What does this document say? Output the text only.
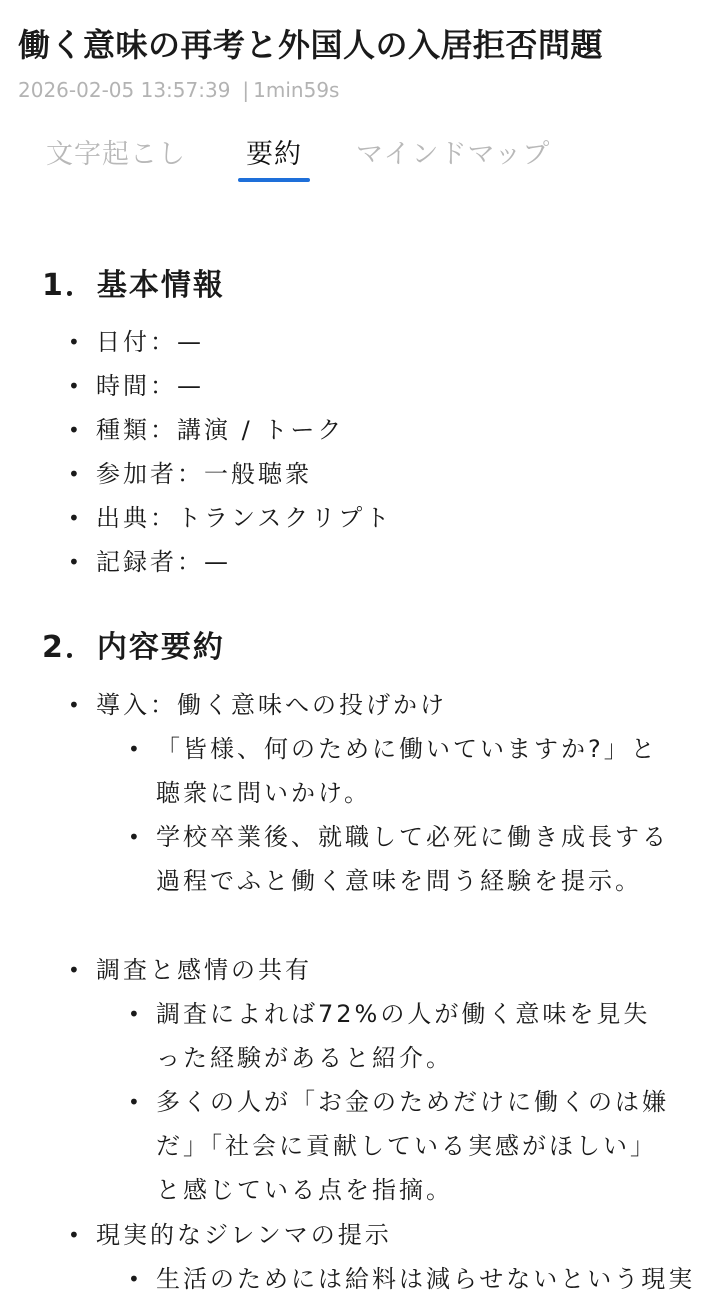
働く意味の再考と外国人の入居拒否問題
2026-02-05 13:57:39 | 1min59s
文字起こし 要約 マインドマップ
1．基本情報
• 日付：—
• 時間：—
• 種類：講演 / トーク
• 参加者：一般聴衆
• 出典：トランスクリプト
• 記録者：—
2．内容要約
• 導入：働く意味への投げかけ
• 「皆様、何のために働いていますか?」と聴衆に問いかけ。
• 学校卒業後、就職して必死に働き成長する過程でふと働く意味を問う経験を提示。
• 調査と感情の共有
• 調査によれば72%の人が働く意味を見失った経験があると紹介。
• 多くの人が「お金のためだけに働くのは嫌だ」「社会に貢献している実感がほしい」と感じている点を指摘。
• 現実的なジレンマの提示
• 生活のためには給料は減らせないという現実
